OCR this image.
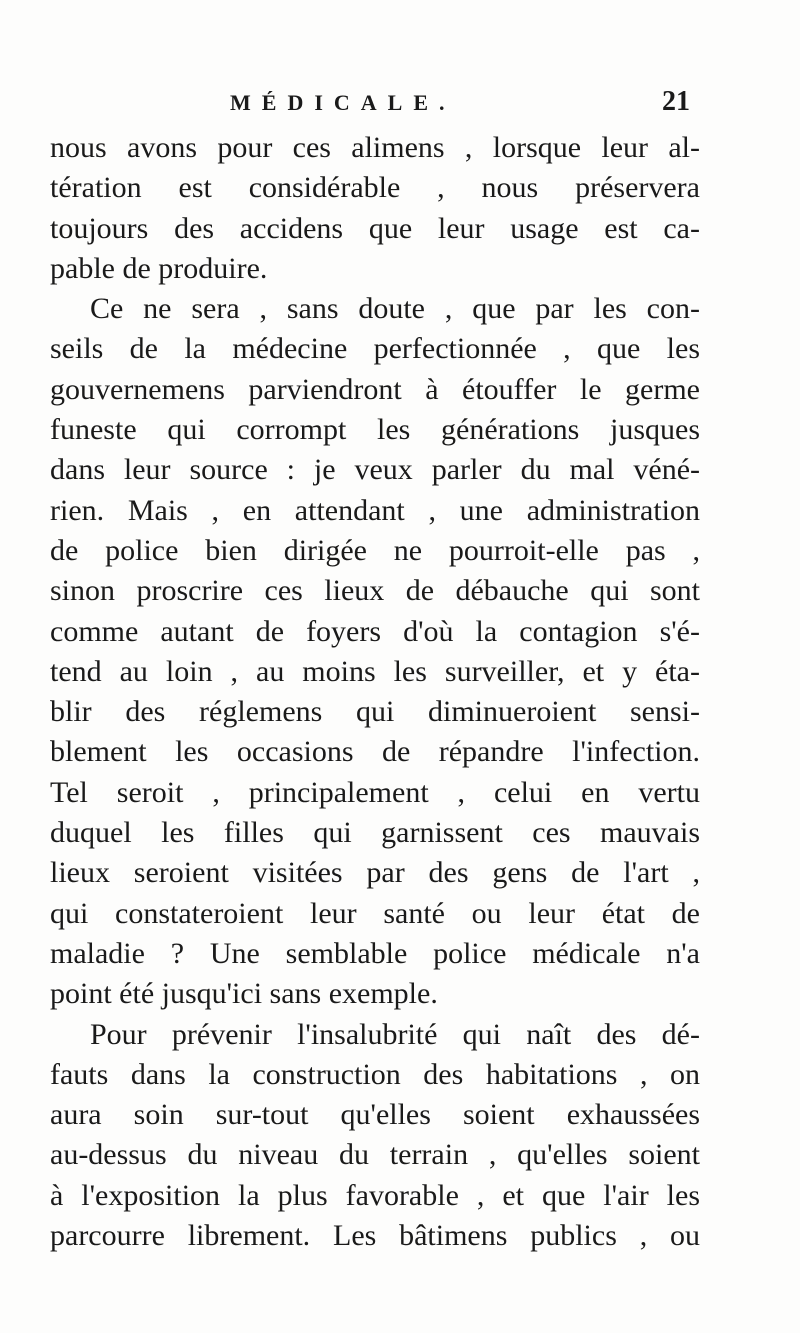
MÉDICALE.	21
nous avons pour ces alimens , lorsque leur al-
tération est considérable , nous préservera
toujours des accidens que leur usage est ca-
pable de produire.
Ce ne sera , sans doute , que par les con-
seils de la médecine perfectionnée , que les
gouvernemens parviendront à étouffer le germe
funeste qui corrompt les générations jusques
dans leur source : je veux parler du mal véné-
rien. Mais , en attendant , une administration
de police bien dirigée ne pourroit-elle pas ,
sinon proscrire ces lieux de débauche qui sont
comme autant de foyers d'où la contagion s'é-
tend au loin , au moins les surveiller, et y éta-
blir des réglemens qui diminueroient sensi-
blement les occasions de répandre l'infection.
Tel seroit , principalement , celui en vertu
duquel les filles qui garnissent ces mauvais
lieux seroient visitées par des gens de l'art ,
qui constateroient leur santé ou leur état de
maladie ? Une semblable police médicale n'a
point été jusqu'ici sans exemple.
Pour prévenir l'insalubrité qui naît des dé-
fauts dans la construction des habitations , on
aura soin sur-tout qu'elles soient exhaussées
au-dessus du niveau du terrain , qu'elles soient
à l'exposition la plus favorable , et que l'air les
parcourre librement. Les bâtimens publics , ou
